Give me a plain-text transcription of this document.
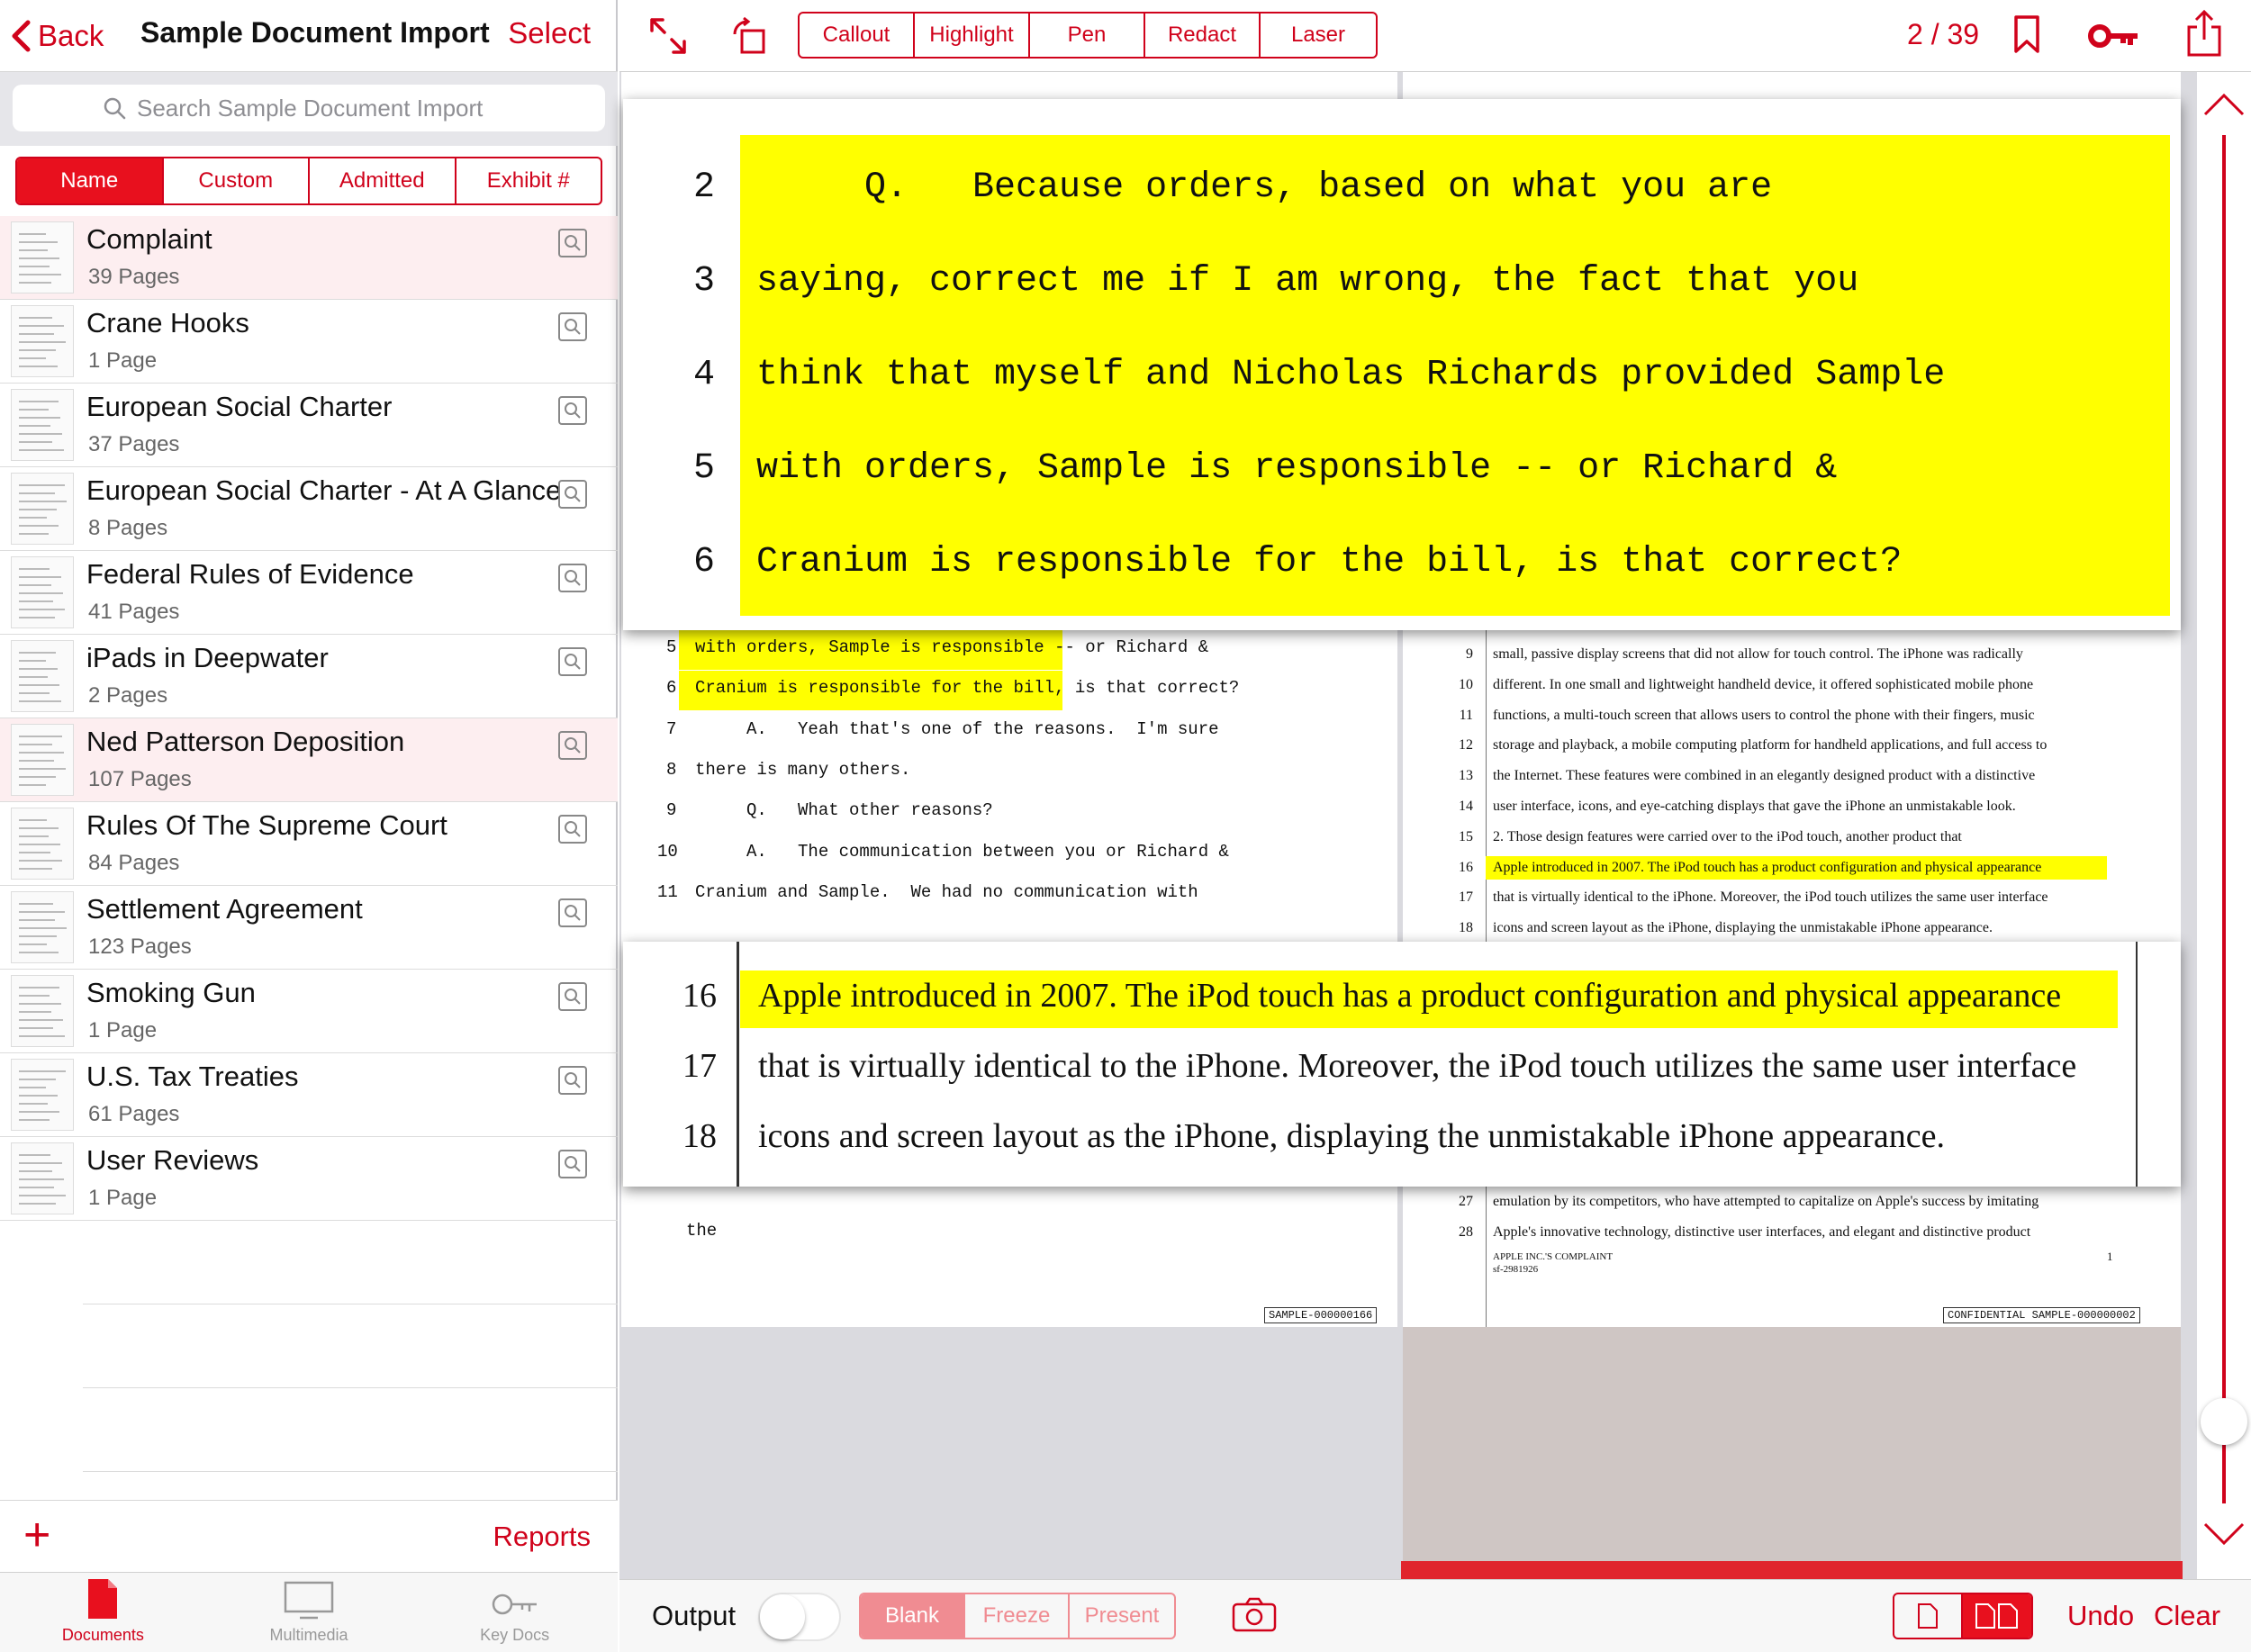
Back Sample Document Import Select
Search Sample Document Import
Name	Custom	Admitted	Exhibit #
Complaint
39 Pages
Crane Hooks
1 Page
European Social Charter
37 Pages
European Social Charter - At A Glance
8 Pages
Federal Rules of Evidence
41 Pages
iPads in Deepwater
2 Pages
Ned Patterson Deposition
107 Pages
Rules Of The Supreme Court
84 Pages
Settlement Agreement
123 Pages
Smoking Gun
1 Page
U.S. Tax Treaties
61 Pages
User Reviews
1 Page
+	Reports
Documents	Multimedia	Key Docs
Callout	Highlight	Pen	Redact	Laser	2 / 39
5 with orders, Sample is responsible -- or Richard &
6 Cranium is responsible for the bill, is that correct?
7 A.   Yeah that's one of the reasons.  I'm sure
8 there is many others.
9 Q.   What other reasons?
10 A.   The communication between you or Richard &
11 Cranium and Sample.  We had no communication with
the
SAMPLE-000000166
9 small, passive display screens that did not allow for touch control. The iPhone was radically
10 different. In one small and lightweight handheld device, it offered sophisticated mobile phone
11 functions, a multi-touch screen that allows users to control the phone with their fingers, music
12 storage and playback, a mobile computing platform for handheld applications, and full access to
13 the Internet. These features were combined in an elegantly designed product with a distinctive
14 user interface, icons, and eye-catching displays that gave the iPhone an unmistakable look.
15 2. Those design features were carried over to the iPod touch, another product that
16 Apple introduced in 2007. The iPod touch has a product configuration and physical appearance
17 that is virtually identical to the iPhone. Moreover, the iPod touch utilizes the same user interface
18 icons and screen layout as the iPhone, displaying the unmistakable iPhone appearance.
27 emulation by its competitors, who have attempted to capitalize on Apple's success by imitating
28 Apple's innovative technology, distinctive user interfaces, and elegant and distinctive product
APPLE INC.'S COMPLAINT
sf-2981926
1
CONFIDENTIAL SAMPLE-000000002
2 Q.   Because orders, based on what you are
3 saying, correct me if I am wrong, the fact that you
4 think that myself and Nicholas Richards provided Sample
5 with orders, Sample is responsible -- or Richard &
6 Cranium is responsible for the bill, is that correct?
16 Apple introduced in 2007. The iPod touch has a product configuration and physical appearance
17 that is virtually identical to the iPhone. Moreover, the iPod touch utilizes the same user interface
18 icons and screen layout as the iPhone, displaying the unmistakable iPhone appearance.
Output	Blank	Freeze	Present	Undo Clear
